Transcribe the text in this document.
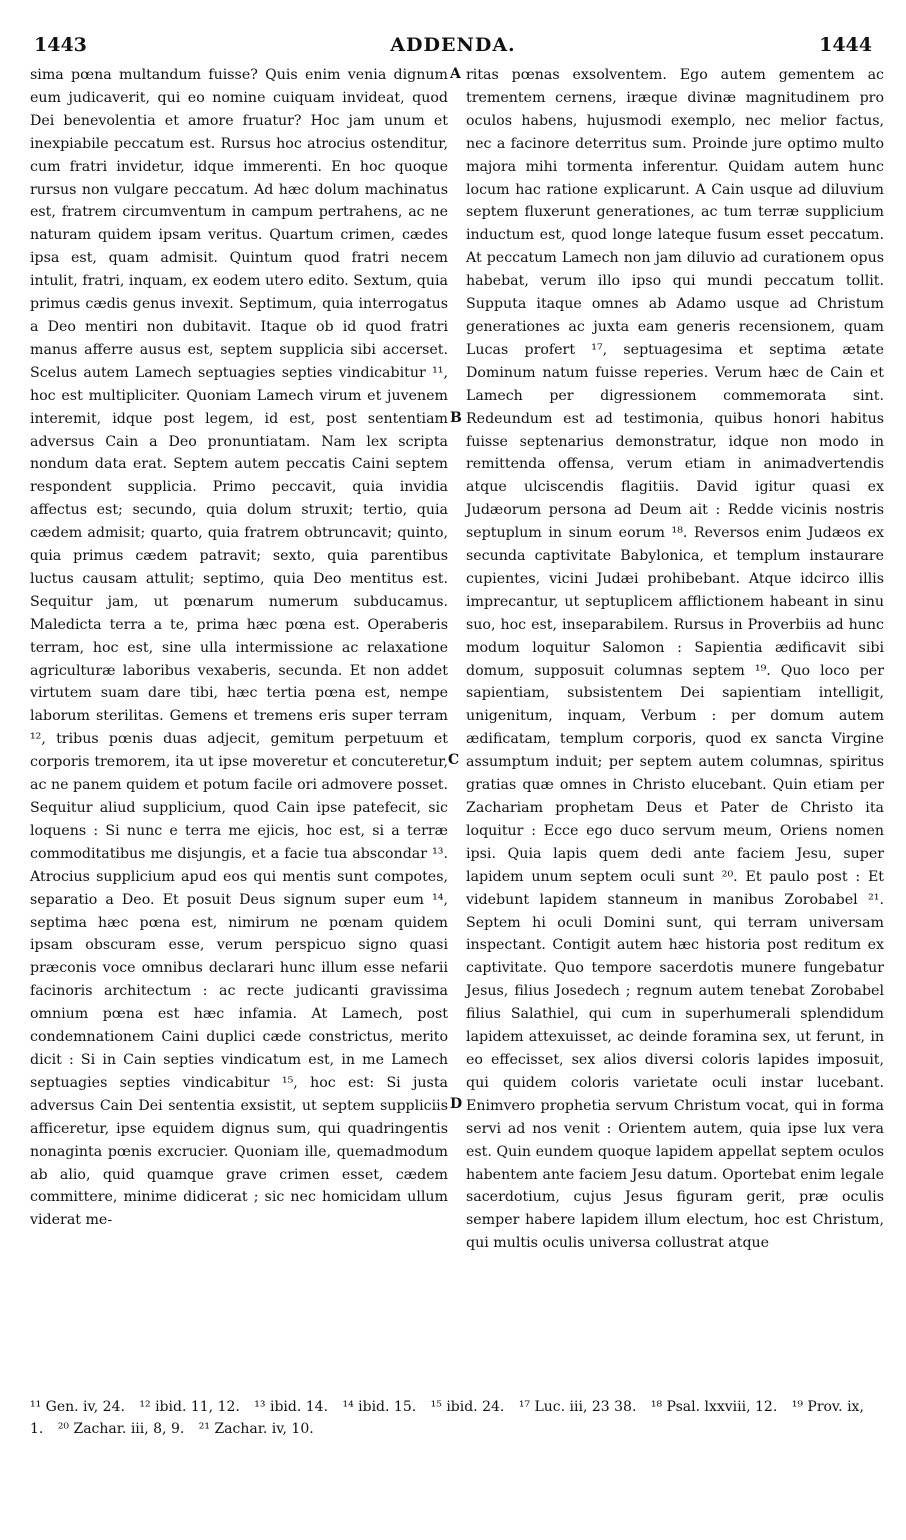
1443	ADDENDA.	1444

sima pœna multandum fuisse? Quis enim venia dignum eum judicaverit, qui eo nomine cuiquam invideat, quod Dei benevolentia et amore fruatur? Hoc jam unum et inexpiabile peccatum est. Rursus hoc atrocius ostenditur, cum fratri invidetur, idque immerenti. En hoc quoque rursus non vulgare peccatum. Ad hæc dolum machinatus est, fratrem circumventum in campum pertrahens, ac ne naturam quidem ipsam veritus. Quartum crimen, cædes ipsa est, quam admisit. Quintum quod fratri necem intulit, fratri, inquam, ex eodem utero edito. Sextum, quia primus cædis genus invexit. Septimum, quia interrogatus a Deo mentiri non dubitavit. Itaque ob id quod fratri manus afferre ausus est, septem supplicia sibi accerset. Scelus autem Lamech septuagies septies vindicabitur ¹¹, hoc est multipliciter. Quoniam Lamech virum et juvenem interemit, idque post legem, id est, post sententiam adversus Cain a Deo pronuntiatam. Nam lex scripta nondum data erat. Septem autem peccatis Caini septem respondent supplicia. Primo peccavit, quia invidia affectus est; secundo, quia dolum struxit; tertio, quia cædem admisit; quarto, quia fratrem obtruncavit; quinto, quia primus cædem patravit; sexto, quia parentibus luctus causam attulit; septimo, quia Deo mentitus est. Sequitur jam, ut pœnarum numerum subducamus. Maledicta terra a te, prima hæc pœna est. Operaberis terram, hoc est, sine ulla intermissione ac relaxatione agriculturæ laboribus vexaberis, secunda. Et non addet virtutem suam dare tibi, hæc tertia pœna est, nempe laborum sterilitas. Gemens et tremens eris super terram ¹², tribus pœnis duas adjecit, gemitum perpetuum et corporis tremorem, ita ut ipse moveretur et concuteretur, ac ne panem quidem et potum facile ori admovere posset. Sequitur aliud supplicium, quod Cain ipse patefecit, sic loquens : Si nunc e terra me ejicis, hoc est, si a terræ commoditatibus me disjungis, et a facie tua abscondar ¹³. Atrocius supplicium apud eos qui mentis sunt compotes, separatio a Deo. Et posuit Deus signum super eum ¹⁴, septima hæc pœna est, nimirum ne pœnam quidem ipsam obscuram esse, verum perspicuo signo quasi præconis voce omnibus declarari hunc illum esse nefarii facinoris architectum : ac recte judicanti gravissima omnium pœna est hæc infamia. At Lamech, post condemnationem Caini duplici cæde constrictus, merito dicit : Si in Cain septies vindicatum est, in me Lamech septuagies septies vindicabitur ¹⁵, hoc est: Si justa adversus Cain Dei sententia exsistit, ut septem suppliciis afficeretur, ipse equidem dignus sum, qui quadringentis nonaginta pœnis excrucier. Quoniam ille, quemadmodum ab alio, quid quamque grave crimen esset, cædem committere, minime didicerat ; sic nec homicidam ullum viderat me-

A
B
C
D

ritas pœnas exsolventem. Ego autem gementem ac trementem cernens, iræque divinæ magnitudinem pro oculos habens, hujusmodi exemplo, nec melior factus, nec a facinore deterritus sum. Proinde jure optimo multo majora mihi tormenta inferentur. Quidam autem hunc locum hac ratione explicarunt. A Cain usque ad diluvium septem fluxerunt generationes, ac tum terræ supplicium inductum est, quod longe lateque fusum esset peccatum. At peccatum Lamech non jam diluvio ad curationem opus habebat, verum illo ipso qui mundi peccatum tollit. Supputa itaque omnes ab Adamo usque ad Christum generationes ac juxta eam generis recensionem, quam Lucas profert ¹⁷, septuagesima et septima ætate Dominum natum fuisse reperies. Verum hæc de Cain et Lamech per digressionem commemorata sint. Redeundum est ad testimonia, quibus honori habitus fuisse septenarius demonstratur, idque non modo in remittenda offensa, verum etiam in animadvertendis atque ulciscendis flagitiis. David igitur quasi ex Judæorum persona ad Deum ait : Redde vicinis nostris septuplum in sinum eorum ¹⁸. Reversos enim Judæos ex secunda captivitate Babylonica, et templum instaurare cupientes, vicini Judæi prohibebant. Atque idcirco illis imprecantur, ut septuplicem afflictionem habeant in sinu suo, hoc est, inseparabilem. Rursus in Proverbiis ad hunc modum loquitur Salomon : Sapientia ædificavit sibi domum, supposuit columnas septem ¹⁹. Quo loco per sapientiam, subsistentem Dei sapientiam intelligit, unigenitum, inquam, Verbum : per domum autem ædificatam, templum corporis, quod ex sancta Virgine assumptum induit; per septem autem columnas, spiritus gratias quæ omnes in Christo elucebant. Quin etiam per Zachariam prophetam Deus et Pater de Christo ita loquitur : Ecce ego duco servum meum, Oriens nomen ipsi. Quia lapis quem dedi ante faciem Jesu, super lapidem unum septem oculi sunt ²⁰. Et paulo post : Et videbunt lapidem stanneum in manibus Zorobabel ²¹. Septem hi oculi Domini sunt, qui terram universam inspectant. Contigit autem hæc historia post reditum ex captivitate. Quo tempore sacerdotis munere fungebatur Jesus, filius Josedech ; regnum autem tenebat Zorobabel filius Salathiel, qui cum in superhumerali splendidum lapidem attexuisset, ac deinde foramina sex, ut ferunt, in eo effecisset, sex alios diversi coloris lapides imposuit, qui quidem coloris varietate oculi instar lucebant. Enimvero prophetia servum Christum vocat, qui in forma servi ad nos venit : Orientem autem, quia ipse lux vera est. Quin eundem quoque lapidem appellat septem oculos habentem ante faciem Jesu datum. Oportebat enim legale sacerdotium, cujus Jesus figuram gerit, præ oculis semper habere lapidem illum electum, hoc est Christum, qui multis oculis universa collustrat atque

¹¹ Gen. iv, 24. ¹² ibid. 11, 12. ¹³ ibid. 14. ¹⁴ ibid. 15. ¹⁵ ibid. 24. ¹⁷ Luc. iii, 23 38. ¹⁸ Psal. lxxviii, 12. ¹⁹ Prov. ix, 1. ²⁰ Zachar. iii, 8, 9. ²¹ Zachar. iv, 10.
